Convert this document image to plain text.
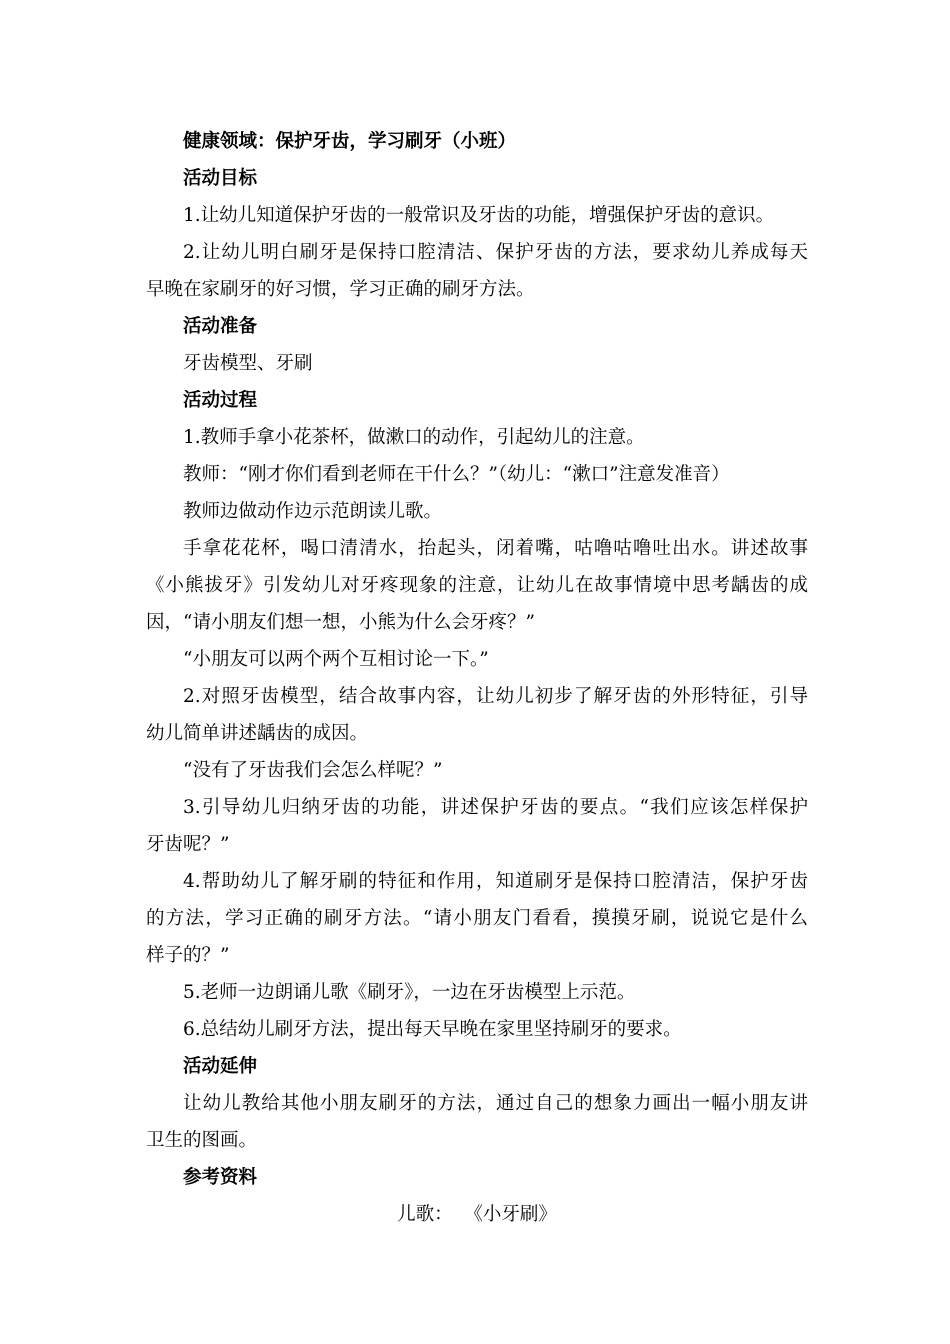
健康领域：保护牙齿，学习刷牙（小班）
活动目标
1.让幼儿知道保护牙齿的一般常识及牙齿的功能，增强保护牙齿的意识。
2.让幼儿明白刷牙是保持口腔清洁、保护牙齿的方法，要求幼儿养成每天
早晚在家刷牙的好习惯，学习正确的刷牙方法。
活动准备
牙齿模型、牙刷
活动过程
1.教师手拿小花茶杯，做漱口的动作，引起幼儿的注意。
教师：“刚才你们看到老师在干什么？”（幼儿：“漱口”注意发准音）
教师边做动作边示范朗读儿歌。
手拿花花杯，喝口清清水，抬起头，闭着嘴，咕噜咕噜吐出水。讲述故事
《小熊拔牙》引发幼儿对牙疼现象的注意，让幼儿在故事情境中思考龋齿的成
因，“请小朋友们想一想，小熊为什么会牙疼？”
“小朋友可以两个两个互相讨论一下。”
2.对照牙齿模型，结合故事内容，让幼儿初步了解牙齿的外形特征，引导
幼儿简单讲述龋齿的成因。
“没有了牙齿我们会怎么样呢？”
3.引导幼儿归纳牙齿的功能，讲述保护牙齿的要点。“我们应该怎样保护
牙齿呢？”
4.帮助幼儿了解牙刷的特征和作用，知道刷牙是保持口腔清洁，保护牙齿
的方法，学习正确的刷牙方法。“请小朋友门看看，摸摸牙刷，说说它是什么
样子的？”
5.老师一边朗诵儿歌《刷牙》，一边在牙齿模型上示范。
6.总结幼儿刷牙方法，提出每天早晚在家里坚持刷牙的要求。
活动延伸
让幼儿教给其他小朋友刷牙的方法，通过自己的想象力画出一幅小朋友讲
卫生的图画。
参考资料
儿歌：  《小牙刷》
